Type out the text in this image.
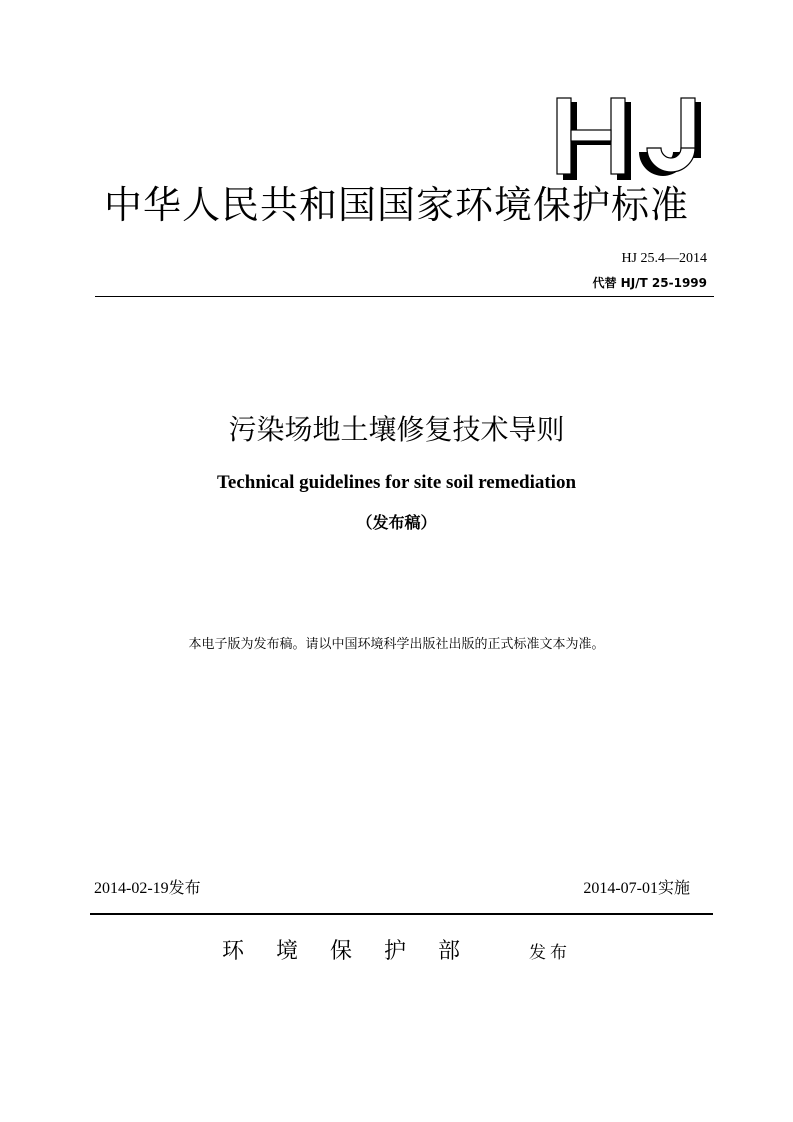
中华人民共和国国家环境保护标准
HJ 25.4—2014
代替 HJ/T 25-1999
污染场地土壤修复技术导则
Technical guidelines for site soil remediation
（发布稿）
本电子版为发布稿。请以中国环境科学出版社出版的正式标准文本为准。
2014-02-19发布	2014-07-01实施
环境保护部 发布
